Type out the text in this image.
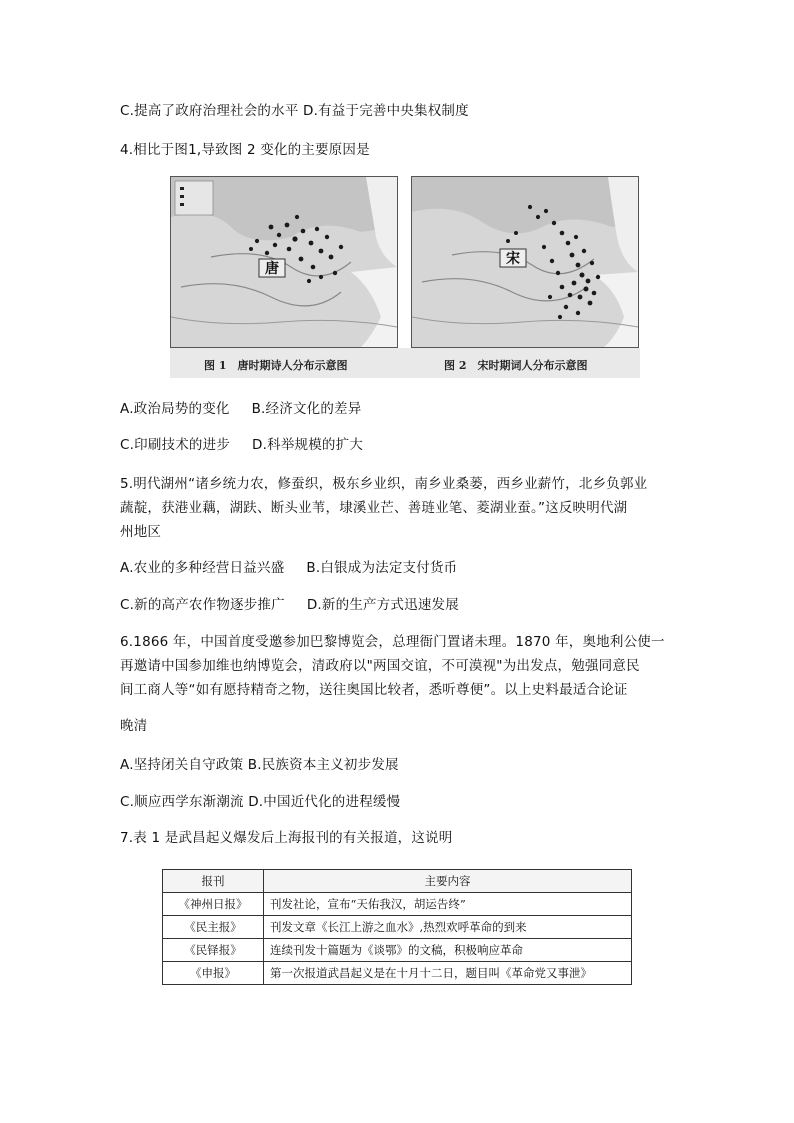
C.提高了政府治理社会的水平 D.有益于完善中央集权制度
4.相比于图1,导致图 2 变化的主要原因是
唐
宋
图 1　唐时期诗人分布示意图	图 2　宋时期词人分布示意图
A.政治局势的变化 B.经济文化的差异
C.印刷技术的进步 D.科举规模的扩大
5.明代湖州“诸乡统力农，修蚕织，极东乡业织，南乡业桑蒌，西乡业薪竹，北乡负郭业
蔬靛，获港业藕，湖趺、断头业苇，埭溪业芒、善琏业笔、菱湖业蚕。”这反映明代湖
州地区
A.农业的多种经营日益兴盛 B.白银成为法定支付货币
C.新的高产农作物逐步推广 D.新的生产方式迅速发展
6.1866 年，中国首度受邀参加巴黎博览会，总理衙门置诸未理。1870 年，奥地利公使一
再邀请中国参加维也纳博览会，清政府以"两国交谊，不可漠视"为出发点，勉强同意民
间工商人等“如有愿持精奇之物，送往奥国比较者，悉听尊便”。以上史料最适合论证
晚清
A.坚持闭关自守政策 B.民族资本主义初步发展
C.顺应西学东渐潮流 D.中国近代化的进程缓慢
7.表 1 是武昌起义爆发后上海报刊的有关报道，这说明
报刊	主要内容
《神州日报》	刊发社论，宣布“天佑我汉，胡运告终”
《民主报》	刊发文章《长江上游之血水》,热烈欢呼革命的到来
《民铎报》	连续刊发十篇题为《谈鄂》的文稿，积极响应革命
《申报》	第一次报道武昌起义是在十月十二日，题目叫《革命党又事泄》
